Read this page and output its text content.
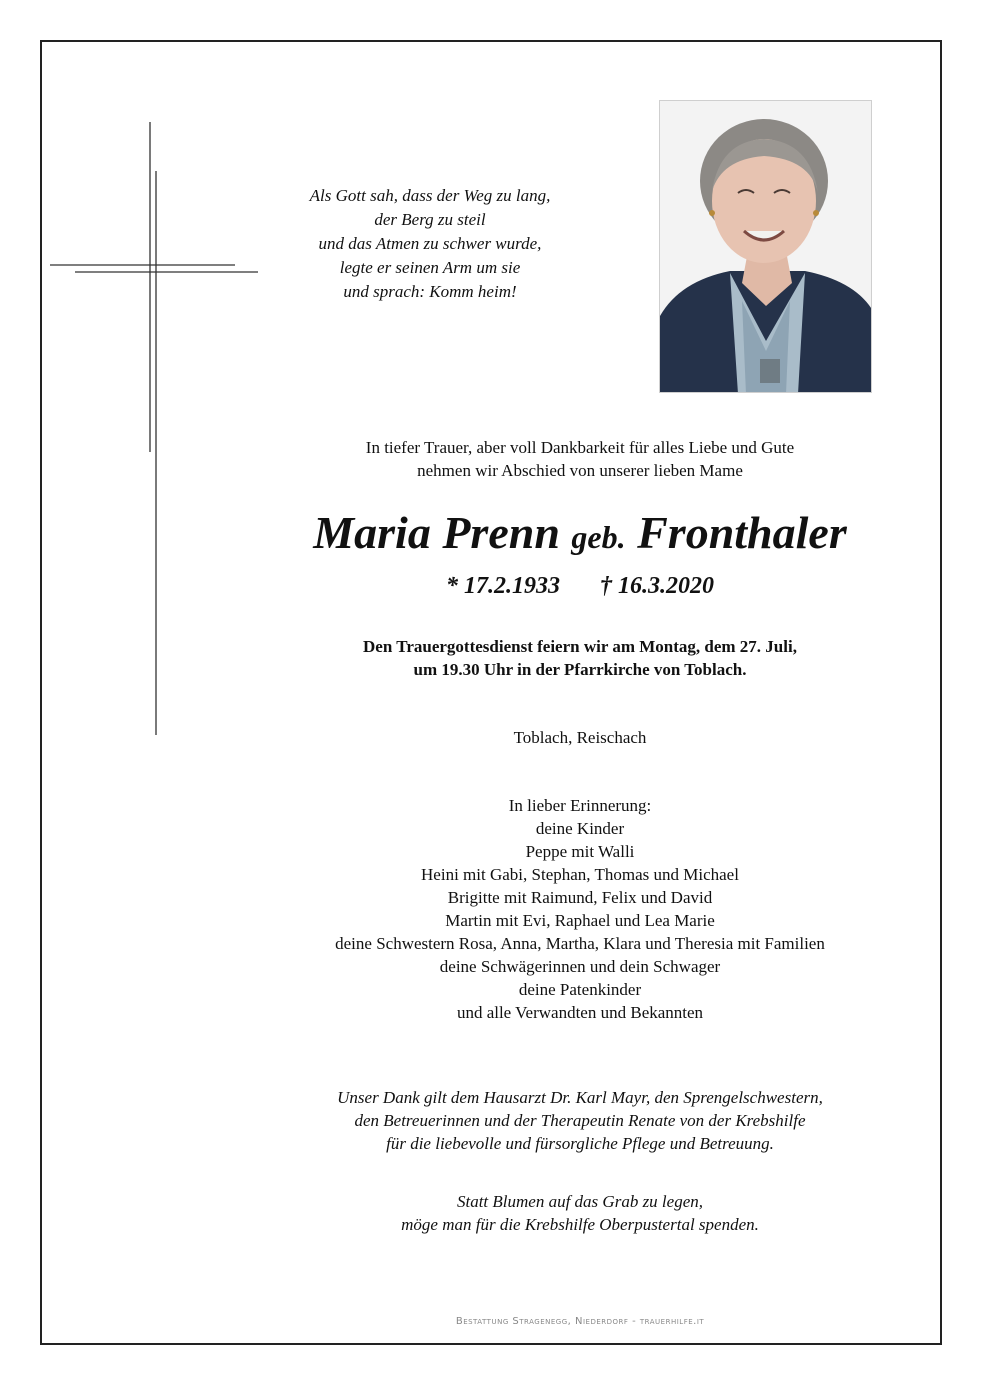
Als Gott sah, dass der Weg zu lang,
der Berg zu steil
und das Atmen zu schwer wurde,
legte er seinen Arm um sie
und sprach: Komm heim!
In tiefer Trauer, aber voll Dankbarkeit für alles Liebe und Gute
nehmen wir Abschied von unserer lieben Mame
Maria Prenn geb. Fronthaler
* 17.2.1933 † 16.3.2020
Den Trauergottesdienst feiern wir am Montag, dem 27. Juli,
um 19.30 Uhr in der Pfarrkirche von Toblach.
Toblach, Reischach
In lieber Erinnerung:
deine Kinder
Peppe mit Walli
Heini mit Gabi, Stephan, Thomas und Michael
Brigitte mit Raimund, Felix und David
Martin mit Evi, Raphael und Lea Marie
deine Schwestern Rosa, Anna, Martha, Klara und Theresia mit Familien
deine Schwägerinnen und dein Schwager
deine Patenkinder
und alle Verwandten und Bekannten
Unser Dank gilt dem Hausarzt Dr. Karl Mayr, den Sprengelschwestern,
den Betreuerinnen und der Therapeutin Renate von der Krebshilfe
für die liebevolle und fürsorgliche Pflege und Betreuung.
Statt Blumen auf das Grab zu legen,
möge man für die Krebshilfe Oberpustertal spenden.
Bestattung Stragenegg, Niederdorf - trauerhilfe.it
